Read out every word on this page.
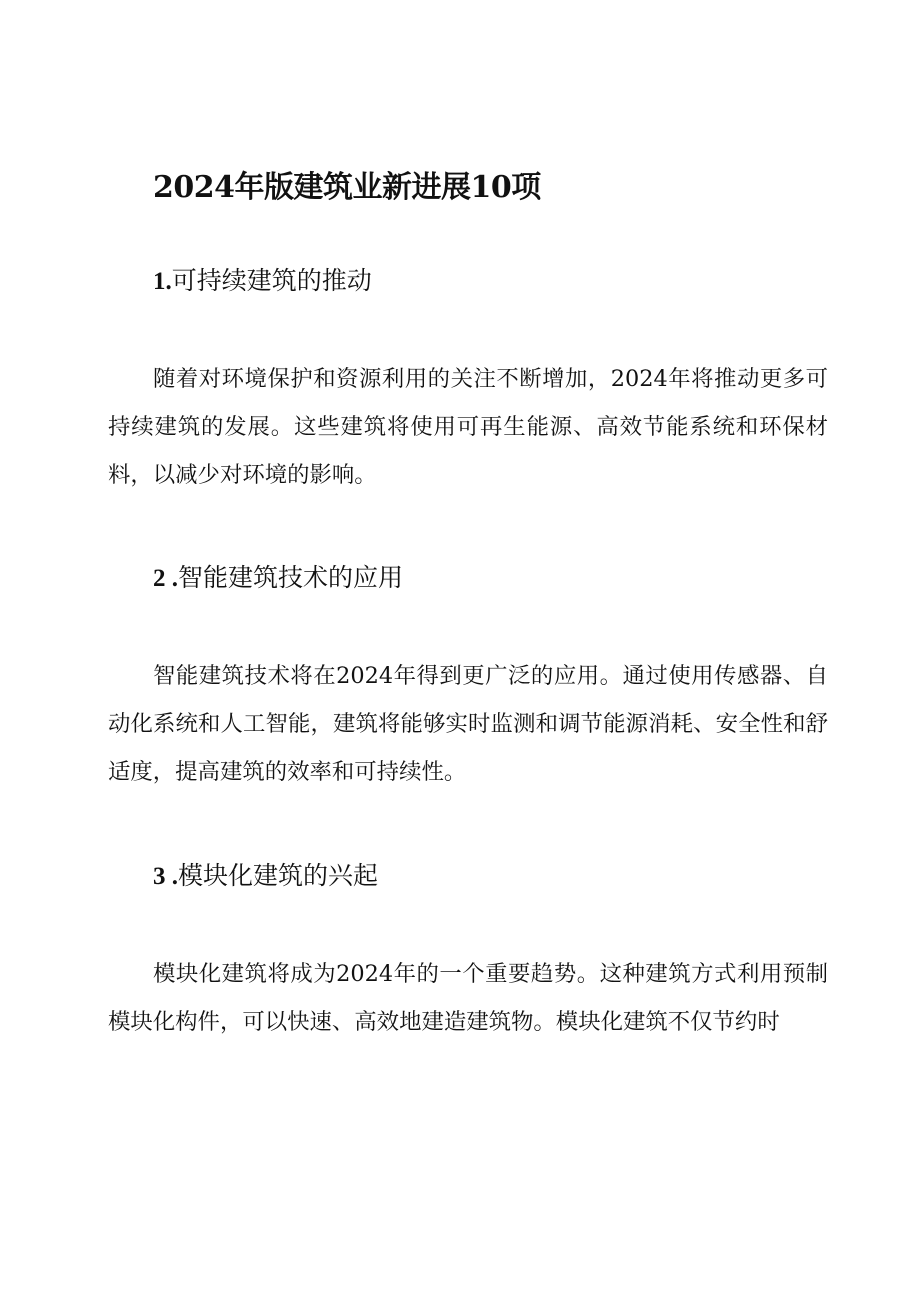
2024年版建筑业新进展10项
1.可持续建筑的推动

随着对环境保护和资源利用的关注不断增加，2024年将推动更多可持续建筑的发展。这些建筑将使用可再生能源、高效节能系统和环保材料，以减少对环境的影响。

2 .智能建筑技术的应用

智能建筑技术将在2024年得到更广泛的应用。通过使用传感器、自动化系统和人工智能，建筑将能够实时监测和调节能源消耗、安全性和舒适度，提高建筑的效率和可持续性。

3 .模块化建筑的兴起

模块化建筑将成为2024年的一个重要趋势。这种建筑方式利用预制模块化构件，可以快速、高效地建造建筑物。模块化建筑不仅节约时
